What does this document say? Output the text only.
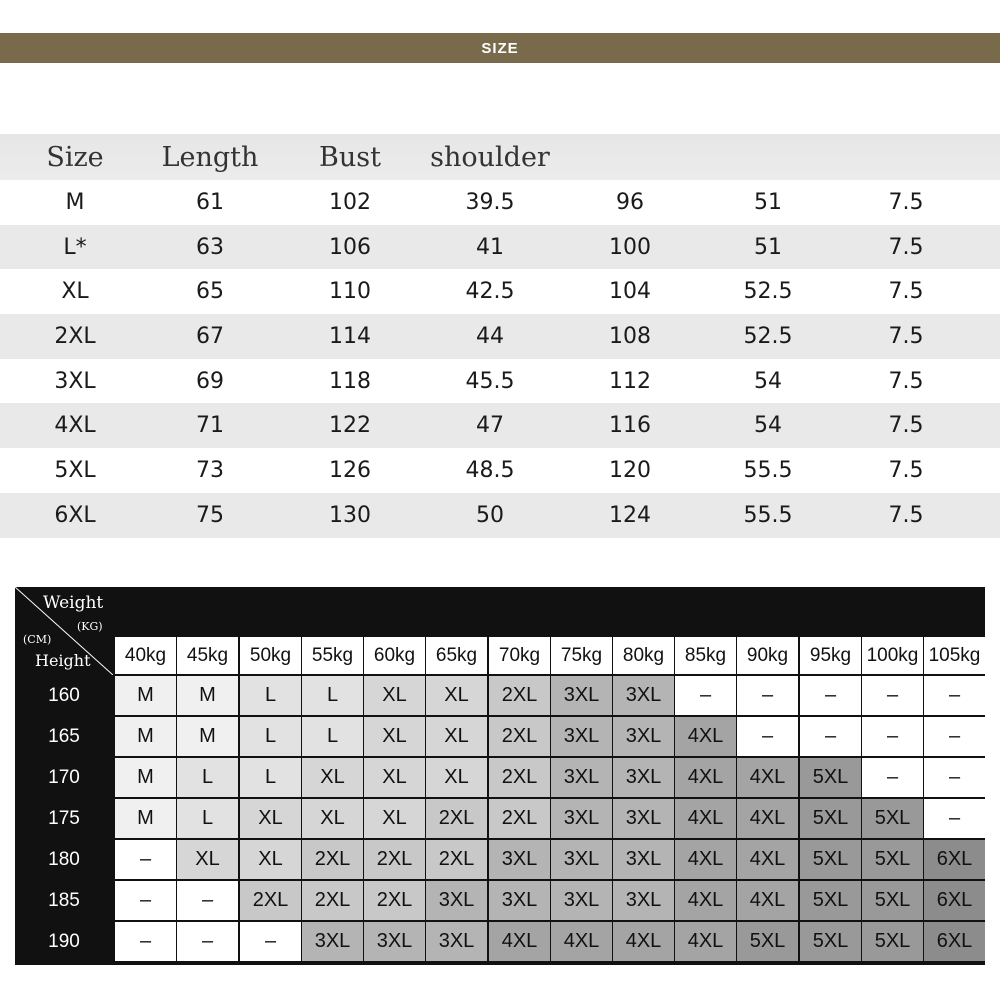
SIZE
Size Length Bust shoulder
M	61	102	39.5	96	51	7.5
L*	63	106	41	100	51	7.5
XL	65	110	42.5	104	52.5	7.5
2XL	67	114	44	108	52.5	7.5
3XL	69	118	45.5	112	54	7.5
4XL	71	122	47	116	54	7.5
5XL	73	126	48.5	120	55.5	7.5
6XL	75	130	50	124	55.5	7.5
Weight
(KG)
(CM)
Height	40kg	45kg	50kg	55kg	60kg	65kg	70kg	75kg	80kg	85kg	90kg	95kg 100kg 105kg
160	M	M	L	L	XL	XL	2XL	3XL	3XL	–	–	–	–	–
165	M	M	L	L	XL	XL	2XL	3XL	3XL	4XL	–	–	–	–
170	M	L	L	XL	XL	XL	2XL	3XL	3XL	4XL	4XL	5XL	–	–
175	M	L	XL	XL	XL	2XL	2XL	3XL	3XL	4XL	4XL	5XL	5XL	–
180	–	XL	XL	2XL	2XL	2XL	3XL	3XL	3XL	4XL	4XL	5XL	5XL	6XL
185	–	–	2XL	2XL	2XL	3XL	3XL	3XL	3XL	4XL	4XL	5XL	5XL	6XL
190	–	–	–	3XL	3XL	3XL	4XL	4XL	4XL	4XL	5XL	5XL	5XL	6XL
